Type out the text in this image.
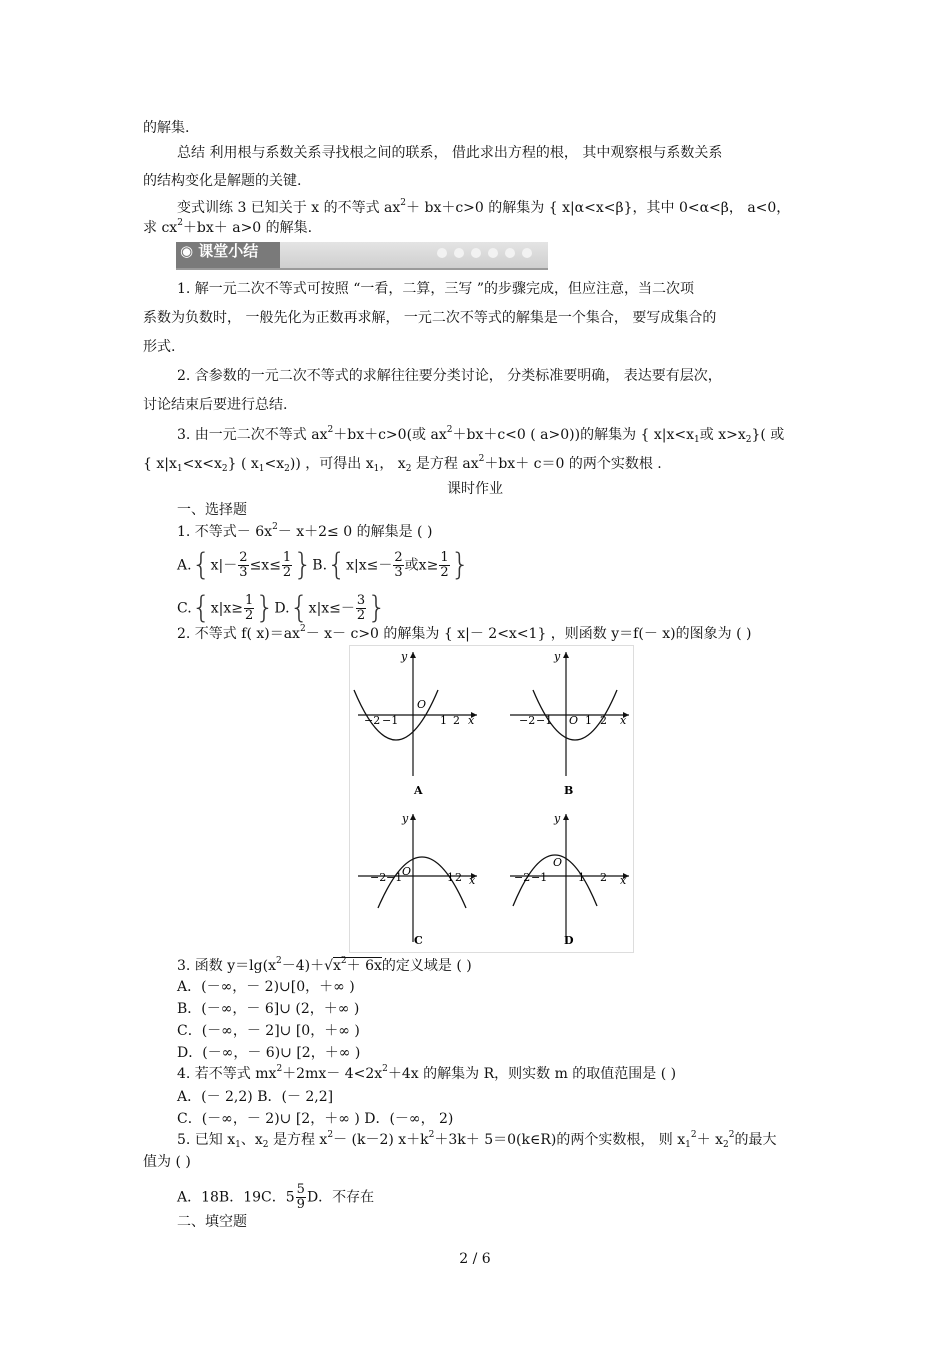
的解集.
总结 利用根与系数关系寻找根之间的联系， 借此求出方程的根， 其中观察根与系数关系
的结构变化是解题的关键.
变式训练 3 已知关于 x 的不等式 $ax^2+ bx+c>0$ 的解集为 { x|α<x<β}，其中 0<α<β， a<0，
求 $cx^2+bx+ a>0$ 的解集.
◉ 课堂小结
1. 解一元二次不等式可按照 “一看，二算，三写 ”的步骤完成，但应注意，当二次项
系数为负数时， 一般先化为正数再求解， 一元二次不等式的解集是一个集合， 要写成集合的
形式.
2. 含参数的一元二次不等式的求解往往要分类讨论， 分类标准要明确， 表达要有层次，
讨论结束后要进行总结.
3. 由一元二次不等式 $ax^2+bx+c>0$(或 $ax^2+bx+c<0$ ( a>0))的解集为 { $x|x<x_1$或 $x>x_2$}( 或
{ $x|x_1<x<x_2$} ( $x_1<x_2$)) ，可得出 $x_1$， $x_2$ 是方程 $ax^2+bx+ c=0$ 的两个实数根 .
课时作业
一、选择题
1. 不等式－ $6x^2- x+2\le 0$ 的解集是 ( )
$A.\{x|- \frac{2}{3} \le x\le \frac{1}{2} \}B.\{x|x\le- \frac{2}{3}$ 或$x\ge \frac{1}{2}$ }
$C.\{x|x\ge \frac{1}{2} \}D.\{x|x\le- \frac{3}{2}$ }
2. 不等式 f( $x)=ax^2- x- c>0$ 的解集为 { x|－ 2<x<1} ，则函数 y＝f(－ x)的图象为 ( )
−2 −1
O
1 2 x
y
A
−2 −1 O 1 2 x
y
B
−2 −1 O	1 2 x
y
C
−2 −1
O
1 2 x
y
D
3. 函数 $y=\lg(x^2-4)+√x^2+ 6x$的定义域是 ( )
A．(－∞，－ 2)∪[0，＋∞ )
B．(－∞，－ 6]∪ (2，＋∞ )
C．(－∞，－ 2]∪ [0，＋∞ )
D．(－∞，－ 6)∪ [2，＋∞ )
4. 若不等式 $mx^2+2mx- 4<2x^2+4x$ 的解集为 R，则实数 m 的取值范围是 ( )
A．(－ 2,2) B．(－ 2,2]
C．(－∞，－ 2)∪ [2，＋∞ ) D．(－∞， 2)
5. 已知 $x_1$、$x_2$ 是方程 $x^2- (k-2)$ $x+k^2+3k+$ 5＝0(k∈R)的两个实数根， 则 $x_1^2+ x_2^2$的最大
值为 ( )
A．18B．19C．$5 \frac{5}{9}$ D．不存在
二、填空题
2 / 6
